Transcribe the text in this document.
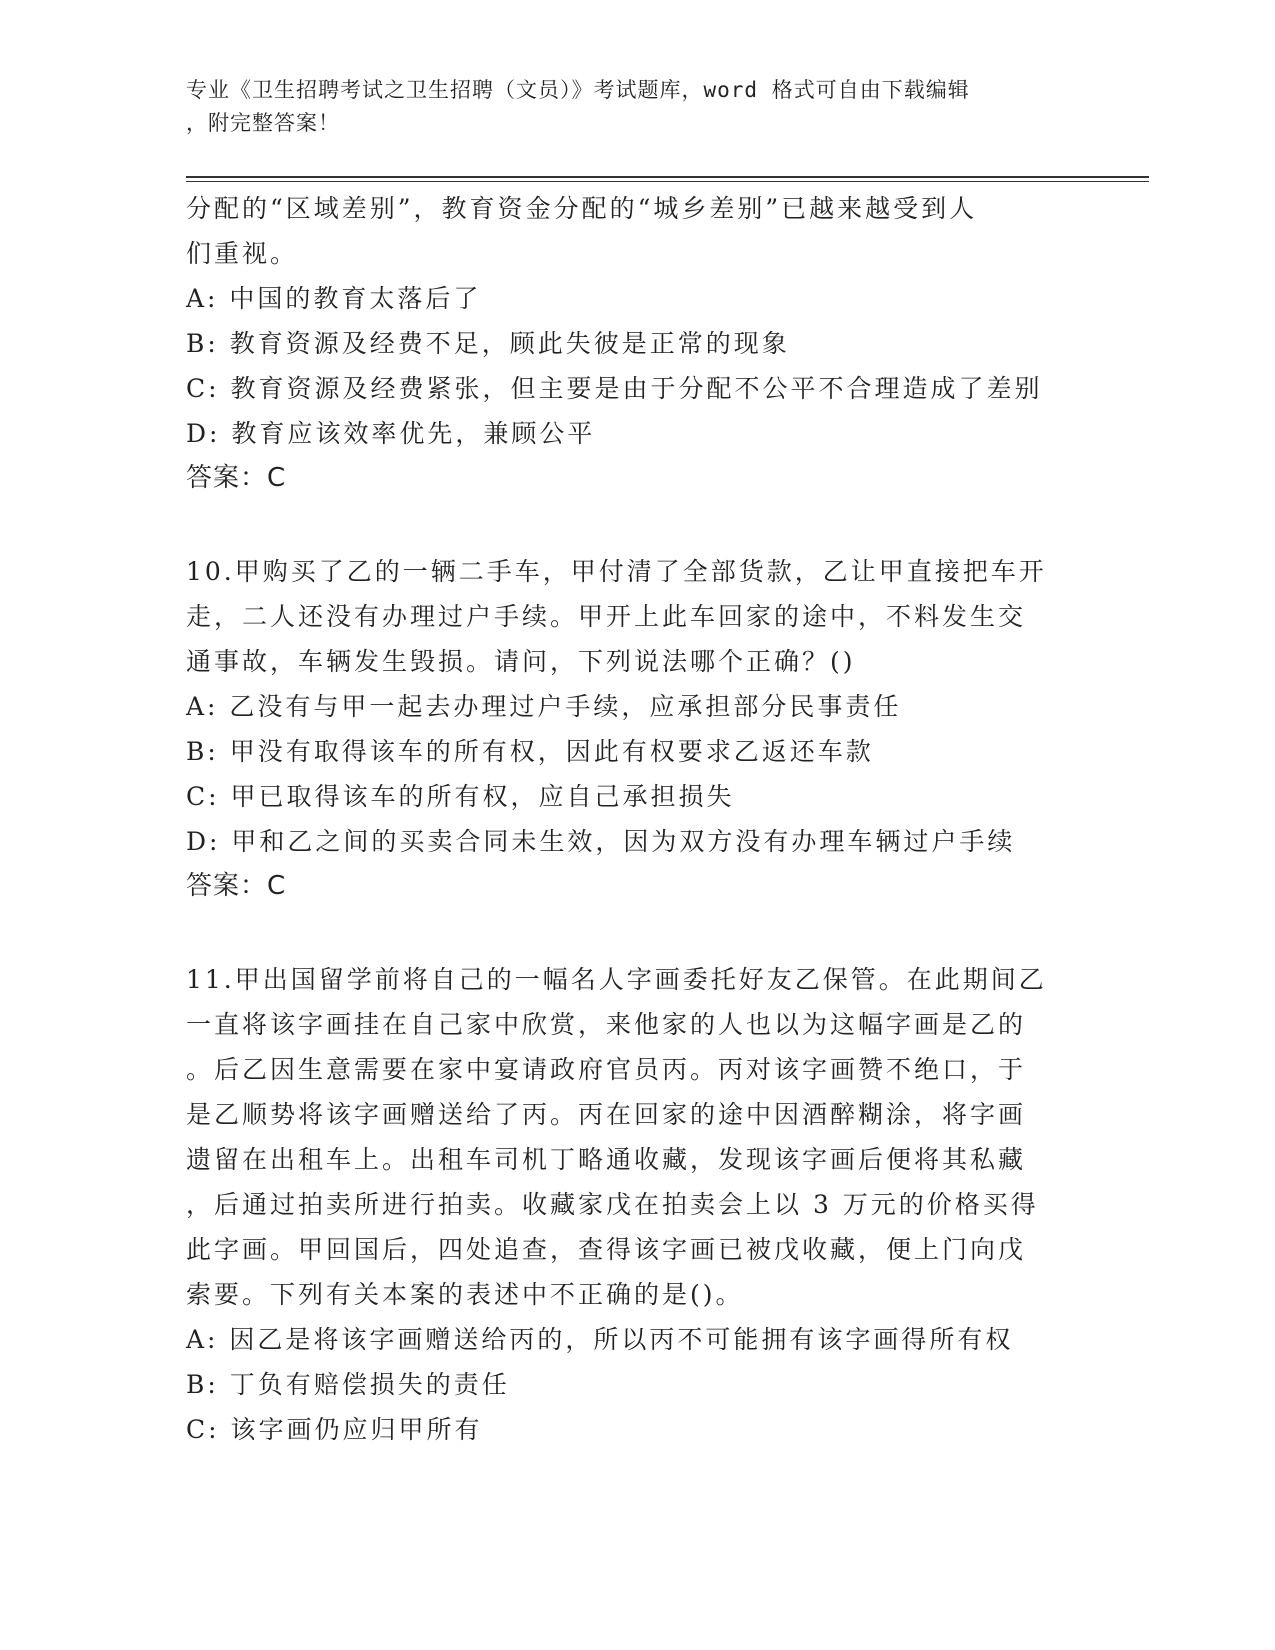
专业《卫生招聘考试之卫生招聘（文员）》考试题库，word 格式可自由下载编辑
，附完整答案！
分配的“区域差别”，教育资金分配的“城乡差别”已越来越受到人
们重视。
A: 中国的教育太落后了
B: 教育资源及经费不足，顾此失彼是正常的现象
C: 教育资源及经费紧张，但主要是由于分配不公平不合理造成了差别
D: 教育应该效率优先，兼顾公平
答案：C
10.甲购买了乙的一辆二手车，甲付清了全部货款，乙让甲直接把车开
走，二人还没有办理过户手续。甲开上此车回家的途中，不料发生交
通事故，车辆发生毁损。请问，下列说法哪个正确？()
A: 乙没有与甲一起去办理过户手续，应承担部分民事责任
B: 甲没有取得该车的所有权，因此有权要求乙返还车款
C: 甲已取得该车的所有权，应自己承担损失
D: 甲和乙之间的买卖合同未生效，因为双方没有办理车辆过户手续
答案：C
11.甲出国留学前将自己的一幅名人字画委托好友乙保管。在此期间乙
一直将该字画挂在自己家中欣赏，来他家的人也以为这幅字画是乙的
。后乙因生意需要在家中宴请政府官员丙。丙对该字画赞不绝口，于
是乙顺势将该字画赠送给了丙。丙在回家的途中因酒醉糊涂，将字画
遗留在出租车上。出租车司机丁略通收藏，发现该字画后便将其私藏
，后通过拍卖所进行拍卖。收藏家戊在拍卖会上以 3 万元的价格买得
此字画。甲回国后，四处追查，查得该字画已被戊收藏，便上门向戊
索要。下列有关本案的表述中不正确的是()。
A: 因乙是将该字画赠送给丙的，所以丙不可能拥有该字画得所有权
B: 丁负有赔偿损失的责任
C: 该字画仍应归甲所有
